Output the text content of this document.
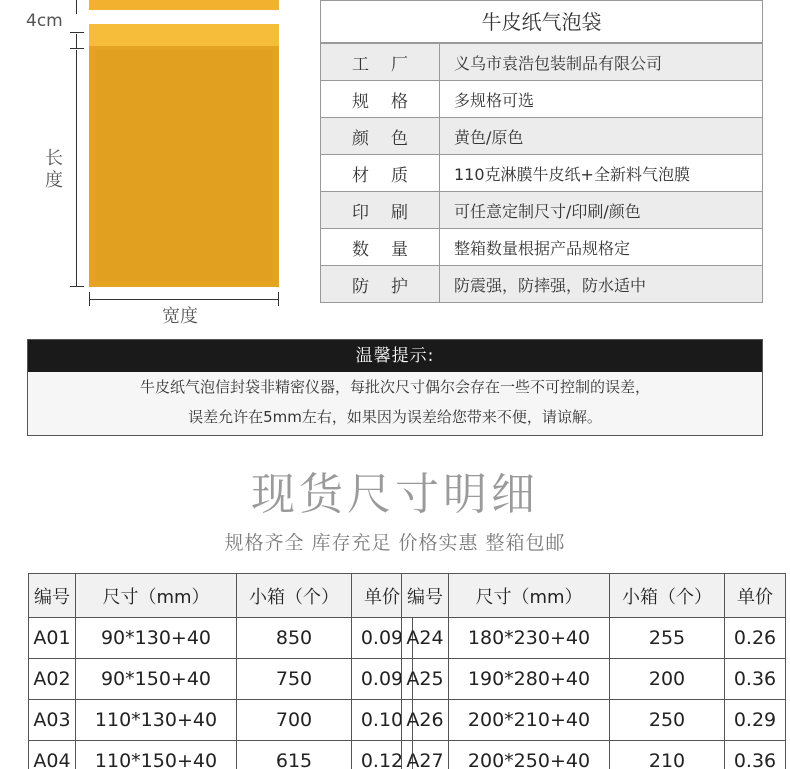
4cm
长度
宽度
牛皮纸气泡袋
工厂	义乌市袁浩包装制品有限公司
规格	多规格可选
颜色	黄色/原色
材质	110克淋膜牛皮纸+全新料气泡膜
印刷	可任意定制尺寸/印刷/颜色
数量	整箱数量根据产品规格定
防护	防震强，防摔强，防水适中
温馨提示:
牛皮纸气泡信封袋非精密仪器，每批次尺寸偶尔会存在一些不可控制的误差，
误差允许在5mm左右，如果因为误差给您带来不便，请谅解。
现货尺寸明细
规格齐全 库存充足 价格实惠 整箱包邮
编号	尺寸（mm）	小箱（个）	单价
A01	90*130+40	850	0.09
A02	90*150+40	750	0.09
A03	110*130+40	700	0.10
A04	110*150+40	615	0.12
编号	尺寸（mm）	小箱（个）	单价
A24	180*230+40	255	0.26
A25	190*280+40	200	0.36
A26	200*210+40	250	0.29
A27	200*250+40	210	0.36
